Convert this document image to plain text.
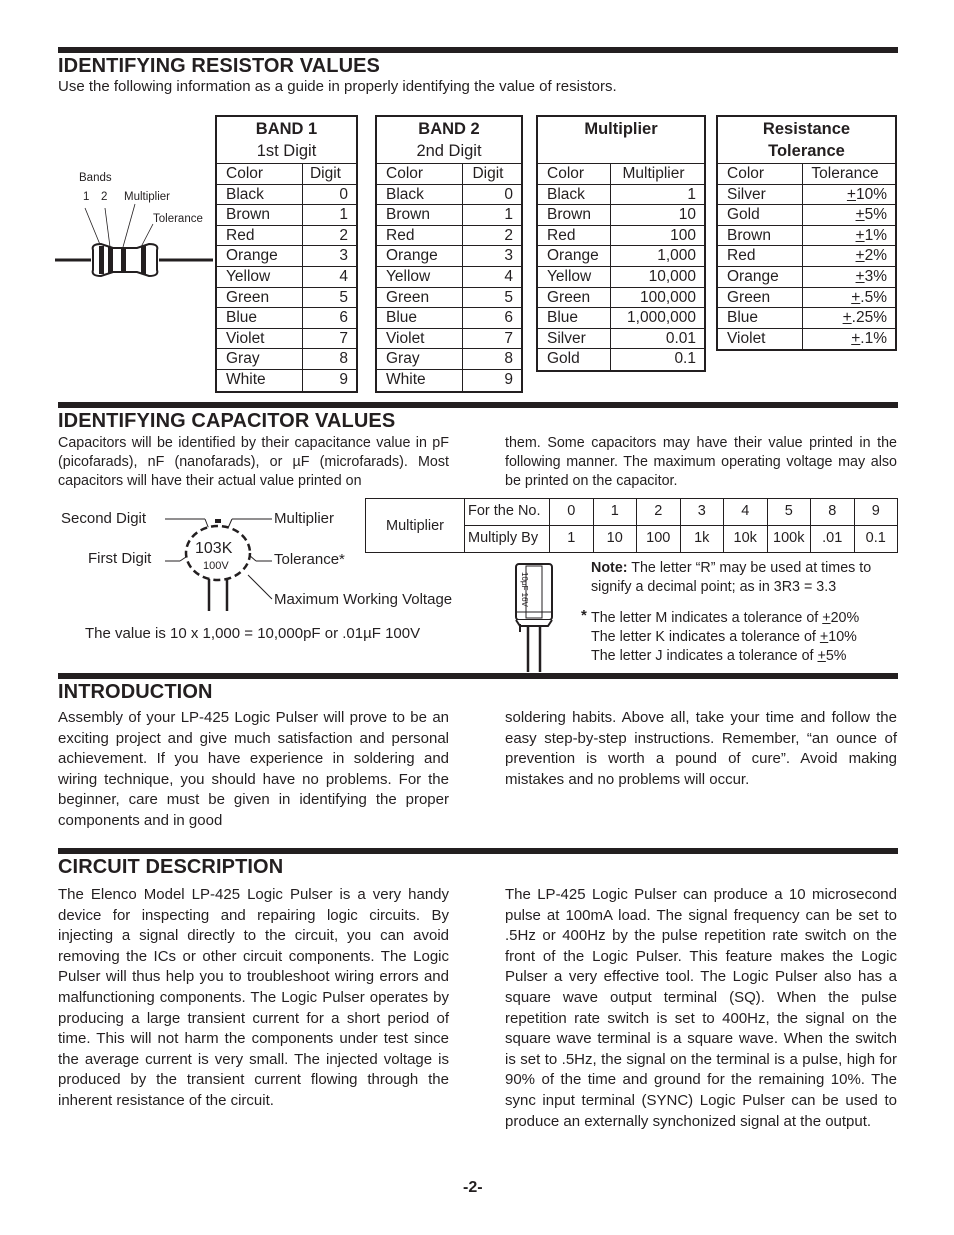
IDENTIFYING RESISTOR VALUES
Use the following information as a guide in properly identifying the value of resistors.
Bands
1 2 Multiplier
Tolerance
BAND 1
1st Digit
Color	Digit
Black	0
Brown	1
Red	2
Orange	3
Yellow	4
Green	5
Blue	6
Violet	7
Gray	8
White	9
BAND 2
2nd Digit
Color	Digit
Black	0
Brown	1
Red	2
Orange	3
Yellow	4
Green	5
Blue	6
Violet	7
Gray	8
White	9
Multiplier
Color	Multiplier
Black	1
Brown	10
Red	100
Orange	1,000
Yellow	10,000
Green	100,000
Blue	1,000,000
Silver	0.01
Gold	0.1
Resistance
Tolerance
Color	Tolerance
Silver	+10%
Gold	+5%
Brown	+1%
Red	+2%
Orange	+3%
Green	+.5%
Blue	+.25%
Violet	+.1%
IDENTIFYING CAPACITOR VALUES
Capacitors will be identified by their capacitance value in pF (picofarads), nF (nanofarads), or µF (microfarads). Most capacitors will have their actual value printed on
them. Some capacitors may have their value printed in the following manner. The maximum operating voltage may also be printed on the capacitor.
Second Digit
First Digit
Multiplier
Tolerance*
Maximum Working Voltage
103K
100V
The value is 10 x 1,000 = 10,000pF or .01µF 100V
Multiplier
For the No.	0	1	2	3	4	5	8	9
Multiply By	1	10	100	1k	10k	100k	.01	0.1
10µF 16V
Note: The letter “R” may be used at times to signify a decimal point; as in 3R3 = 3.3
* The letter M indicates a tolerance of +20%
The letter K indicates a tolerance of +10%
The letter J indicates a tolerance of +5%
INTRODUCTION
Assembly of your LP-425 Logic Pulser will prove to be an exciting project and give much satisfaction and personal achievement. If you have experience in soldering and wiring technique, you should have no problems. For the beginner, care must be given in identifying the proper components and in good
soldering habits. Above all, take your time and follow the easy step-by-step instructions. Remember, “an ounce of prevention is worth a pound of cure”. Avoid making mistakes and no problems will occur.
CIRCUIT DESCRIPTION
The Elenco Model LP-425 Logic Pulser is a very handy device for inspecting and repairing logic circuits. By injecting a signal directly to the circuit, you can avoid removing the ICs or other circuit components. The Logic Pulser will thus help you to troubleshoot wiring errors and malfunctioning components. The Logic Pulser operates by producing a large transient current for a short period of time. This will not harm the components under test since the average current is very small. The injected voltage is produced by the transient current flowing through the inherent resistance of the circuit.
The LP-425 Logic Pulser can produce a 10 microsecond pulse at 100mA load. The signal frequency can be set to .5Hz or 400Hz by the pulse repetition rate switch on the front of the Logic Pulser. This feature makes the Logic Pulser a very effective tool. The Logic Pulser also has a square wave output terminal (SQ). When the pulse repetition rate switch is set to 400Hz, the signal on the square wave terminal is a square wave. When the switch is set to .5Hz, the signal on the terminal is a pulse, high for 90% of the time and ground for the remaining 10%. The sync input terminal (SYNC) Logic Pulser can be used to produce an externally synchonized signal at the output.
-2-
